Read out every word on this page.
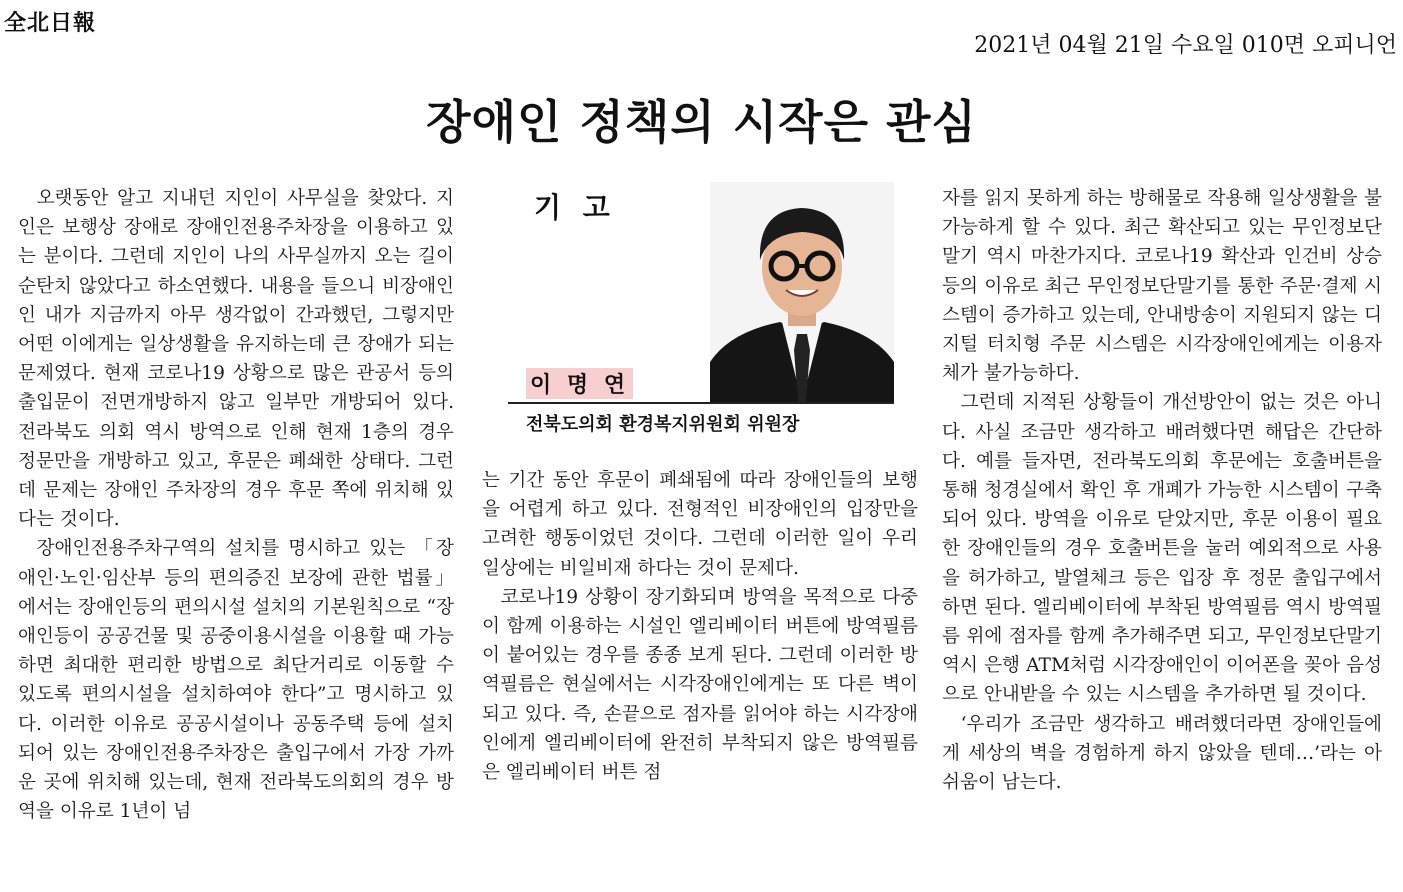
全北日報
2021년 04월 21일 수요일 010면 오피니언
장애인 정책의 시작은 관심

오랫동안 알고 지내던 지인이 사무실을 찾았다. 지인은 보행상 장애로 장애인전용주차장을 이용하고 있는 분이다. 그런데 지인이 나의 사무실까지 오는 길이 순탄치 않았다고 하소연했다. 내용을 들으니 비장애인인 내가 지금까지 아무 생각없이 간과했던, 그렇지만 어떤 이에게는 일상생활을 유지하는데 큰 장애가 되는 문제였다. 현재 코로나19 상황으로 많은 관공서 등의 출입문이 전면개방하지 않고 일부만 개방되어 있다. 전라북도 의회 역시 방역으로 인해 현재 1층의 경우 정문만을 개방하고 있고, 후문은 폐쇄한 상태다. 그런데 문제는 장애인 주차장의 경우 후문 쪽에 위치해 있다는 것이다.

장애인전용주차구역의 설치를 명시하고 있는 「장애인·노인·임산부 등의 편의증진 보장에 관한 법률」에서는 장애인등의 편의시설 설치의 기본원칙으로 “장애인등이 공공건물 및 공중이용시설을 이용할 때 가능하면 최대한 편리한 방법으로 최단거리로 이동할 수 있도록 편의시설을 설치하여야 한다”고 명시하고 있다. 이러한 이유로 공공시설이나 공동주택 등에 설치되어 있는 장애인전용주차장은 출입구에서 가장 가까운 곳에 위치해 있는데, 현재 전라북도의회의 경우 방역을 이유로 1년이 넘

기 고
이 명 연
전북도의회 환경복지위원회 위원장

는 기간 동안 후문이 폐쇄됨에 따라 장애인들의 보행을 어렵게 하고 있다. 전형적인 비장애인의 입장만을 고려한 행동이었던 것이다. 그런데 이러한 일이 우리 일상에는 비일비재 하다는 것이 문제다.

코로나19 상황이 장기화되며 방역을 목적으로 다중이 함께 이용하는 시설인 엘리베이터 버튼에 방역필름이 붙어있는 경우를 종종 보게 된다. 그런데 이러한 방역필름은 현실에서는 시각장애인에게는 또 다른 벽이 되고 있다. 즉, 손끝으로 점자를 읽어야 하는 시각장애인에게 엘리베이터에 완전히 부착되지 않은 방역필름은 엘리베이터 버튼 점

자를 읽지 못하게 하는 방해물로 작용해 일상생활을 불가능하게 할 수 있다. 최근 확산되고 있는 무인정보단말기 역시 마찬가지다. 코로나19 확산과 인건비 상승 등의 이유로 최근 무인정보단말기를 통한 주문·결제 시스템이 증가하고 있는데, 안내방송이 지원되지 않는 디지털 터치형 주문 시스템은 시각장애인에게는 이용자체가 불가능하다.

그런데 지적된 상황들이 개선방안이 없는 것은 아니다. 사실 조금만 생각하고 배려했다면 해답은 간단하다. 예를 들자면, 전라북도의회 후문에는 호출버튼을 통해 청경실에서 확인 후 개폐가 가능한 시스템이 구축되어 있다. 방역을 이유로 닫았지만, 후문 이용이 필요한 장애인들의 경우 호출버튼을 눌러 예외적으로 사용을 허가하고, 발열체크 등은 입장 후 정문 출입구에서 하면 된다. 엘리베이터에 부착된 방역필름 역시 방역필름 위에 점자를 함께 추가해주면 되고, 무인정보단말기 역시 은행 ATM처럼 시각장애인이 이어폰을 꽂아 음성으로 안내받을 수 있는 시스템을 추가하면 될 것이다.

‘우리가 조금만 생각하고 배려했더라면 장애인들에게 세상의 벽을 경험하게 하지 않았을 텐데…’라는 아쉬움이 남는다.
